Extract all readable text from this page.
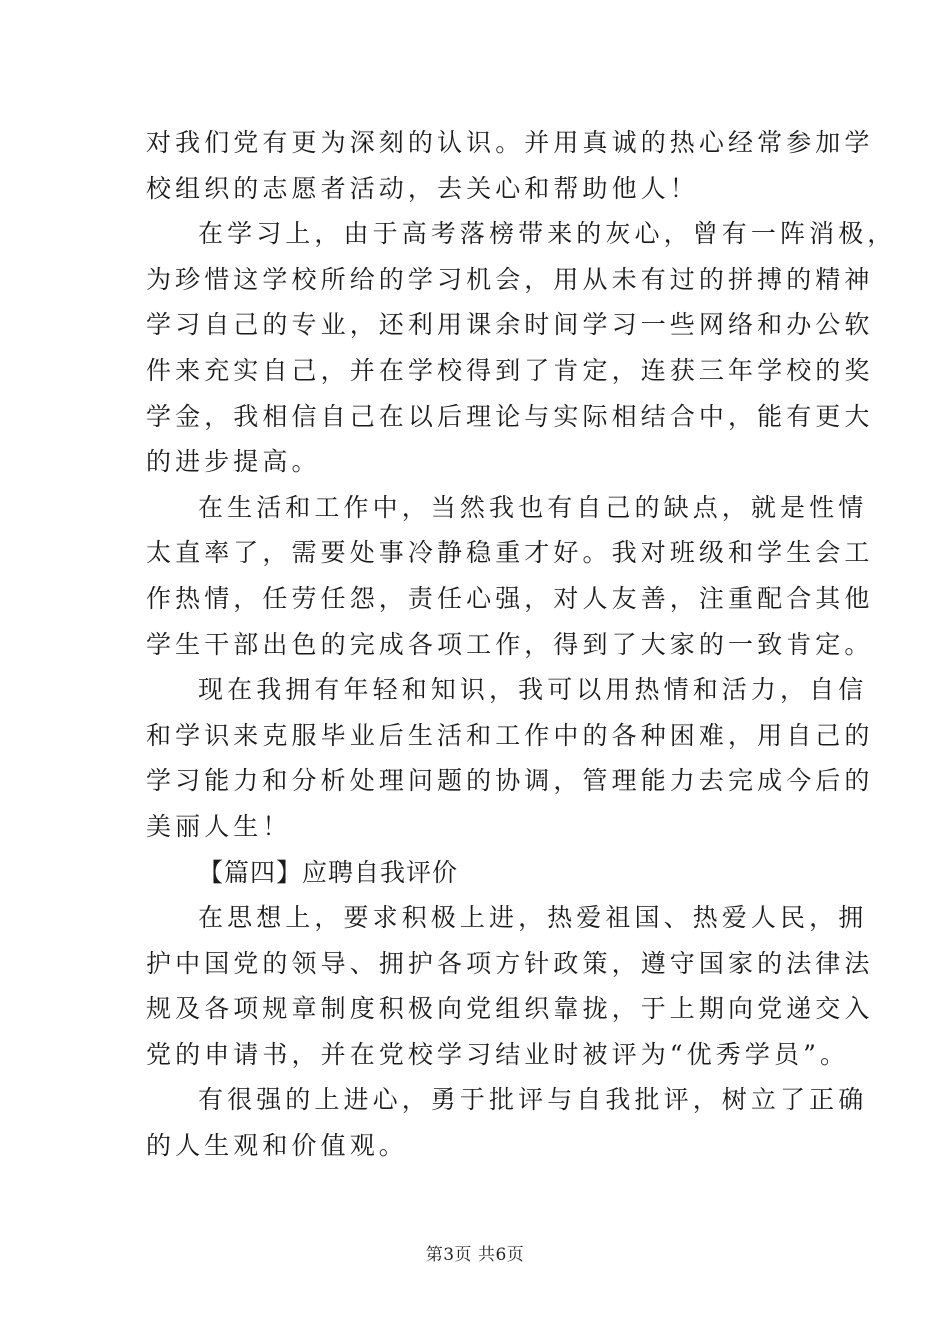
对我们党有更为深刻的认识。并用真诚的热心经常参加学
校组织的志愿者活动，去关心和帮助他人！
在学习上，由于高考落榜带来的灰心，曾有一阵消极，
为珍惜这学校所给的学习机会，用从未有过的拼搏的精神
学习自己的专业，还利用课余时间学习一些网络和办公软
件来充实自己，并在学校得到了肯定，连获三年学校的奖
学金，我相信自己在以后理论与实际相结合中，能有更大
的进步提高。
在生活和工作中，当然我也有自己的缺点，就是性情
太直率了，需要处事冷静稳重才好。我对班级和学生会工
作热情，任劳任怨，责任心强，对人友善，注重配合其他
学生干部出色的完成各项工作，得到了大家的一致肯定。
现在我拥有年轻和知识，我可以用热情和活力，自信
和学识来克服毕业后生活和工作中的各种困难，用自己的
学习能力和分析处理问题的协调，管理能力去完成今后的
美丽人生！
【篇四】应聘自我评价
在思想上，要求积极上进，热爱祖国、热爱人民，拥
护中国党的领导、拥护各项方针政策，遵守国家的法律法
规及各项规章制度积极向党组织靠拢，于上期向党递交入
党的申请书，并在党校学习结业时被评为“优秀学员”。
有很强的上进心，勇于批评与自我批评，树立了正确
的人生观和价值观。
第3页 共6页
